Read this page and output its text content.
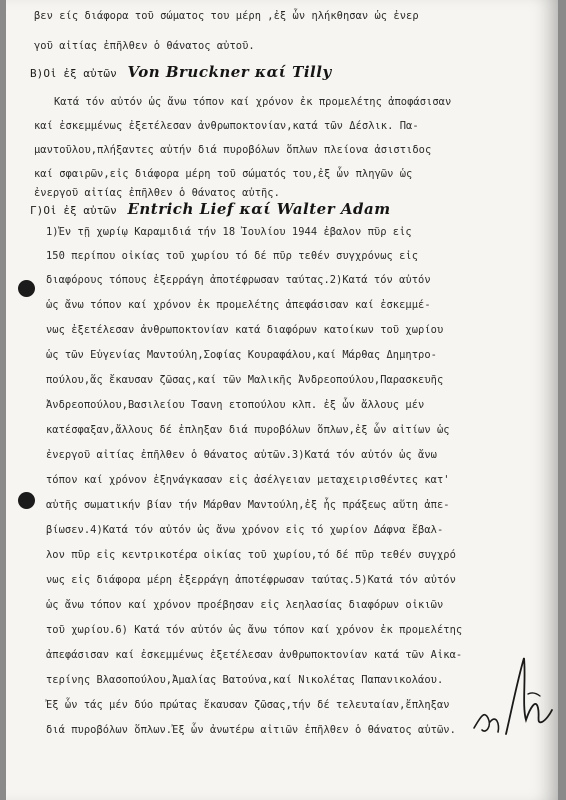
βεν είς διάφορα τοῦ σώματος του μέρη ,ἐξ ὧν ηλήκθησαν ὡς ἐνερ
γοῦ αἰτίας ἐπῆλθεν ὁ θάνατος αὐτοῦ.
Β)Οἱ ἐξ αὐτῶν Von Bruckner καί Tilly
Κατά τόν αὐτόν ὡς ἄνω τόπον καί χρόνον ἐκ προμελέτης ἀποφάσισαν
καί ἐσκεμμένως ἐξετέλεσαν ἀνθρωποκτονίαν,κατά τῶν Δέσλικ. Πα-
μαντοῦλου,πλήξαντες αὐτήν διά πυροβόλων ὅπλων πλείονα ἀσιστιδος
καί σφαιρῶν,εἰς διάφορα μέρη τοῦ σώματός του,ἐξ ὧν πληγῶν ὡς
ἐνεργοῦ αἰτίας ἐπῆλθεν ὁ θάνατος αὐτῆς.
Γ)Οἱ ἐξ αὐτῶν Entrich Lief καί Walter Adam
1)Ἐν τῇ χωρίῳ Καραμιδιά τήν 18 Ἰουλίου 1944 ἐβαλον πῦρ εἰς
150 περίπου οἰκίας τοῦ χωρίου τό δέ πῦρ τεθέν συγχρόνως εἰς
διαφόρους τόπους ἐξερράγη ἀποτέφρωσαν ταύτας.2)Κατά τόν αὐτόν
ὡς ἄνω τόπον καί χρόνον ἐκ προμελέτης ἀπεφάσισαν καί ἐσκεμμέ-
νως ἐξετέλεσαν ἀνθρωποκτονίαν κατά διαφόρων κατοίκων τοῦ χωρίου
ὡς τῶν Εὐγενίας Μαντούλη,Σοφίας Κουραφάλου,καί Μάρθας Δημητρο-
πούλου,ἅς ἔκαυσαν ζῶσας,καί τῶν Μαλικῆς Ἀνδρεοπούλου,Παρασκευῆς
Ἀνδρεοπούλου,Βασιλείου Τσανη ετοπούλου κλπ. ἐξ ὧν ἄλλους μέν
κατέσφαξαν,ἄλλους δέ ἐπληξαν διά πυροβόλων ὅπλων,ἐξ ὧν αἰτίων ὡς
ἐνεργοῦ αἰτίας ἐπῆλθεν ὁ θάνατος αὐτῶν.3)Κατά τόν αὐτόν ὡς ἄνω
τόπον καί χρόνον ἐξηνάγκασαν εἰς ἀσέλγειαν μεταχειρισθέντες κατ'
αὐτῆς σωματικήν βίαν τήν Μάρθαν Μαντούλη,ἐξ ἧς πράξεως αὕτη ἀπε-
βίωσεν.4)Κατά τόν αὐτόν ὡς ἄνω χρόνον εἰς τό χωρίον Δάφνα ἔβαλ-
λον πῦρ εἰς κεντρικοτέρα οἰκίας τοῦ χωρίου,τό δέ πῦρ τεθέν συγχρό
νως εἰς διάφορα μέρη ἐξερράγη ἀποτέφρωσαν ταύτας.5)Κατά τόν αὐτόν
ὡς ἄνω τόπον καί χρόνον προέβησαν εἰς λεηλασίας διαφόρων οἰκιῶν
τοῦ χωρίου.6) Κατά τόν αὐτόν ὡς ἄνω τόπον καί χρόνον ἐκ προμελέτης
ἀπεφάσισαν καί ἐσκεμμένως ἐξετέλεσαν ἀνθρωποκτονίαν κατά τῶν Αἰκα-
τερίνης Βλασοπούλου,Ἀμαλίας Βατούνα,καί Νικολέτας Παπανικολάου.
Ἐξ ὧν τάς μέν δύο πρώτας ἔκαυσαν ζῶσας,τήν δέ τελευταίαν,ἔπληξαν
διά πυροβόλων ὅπλων.Ἐξ ὧν ἀνωτέρω αἰτιῶν ἐπῆλθεν ὁ θάνατος αὐτῶν.
